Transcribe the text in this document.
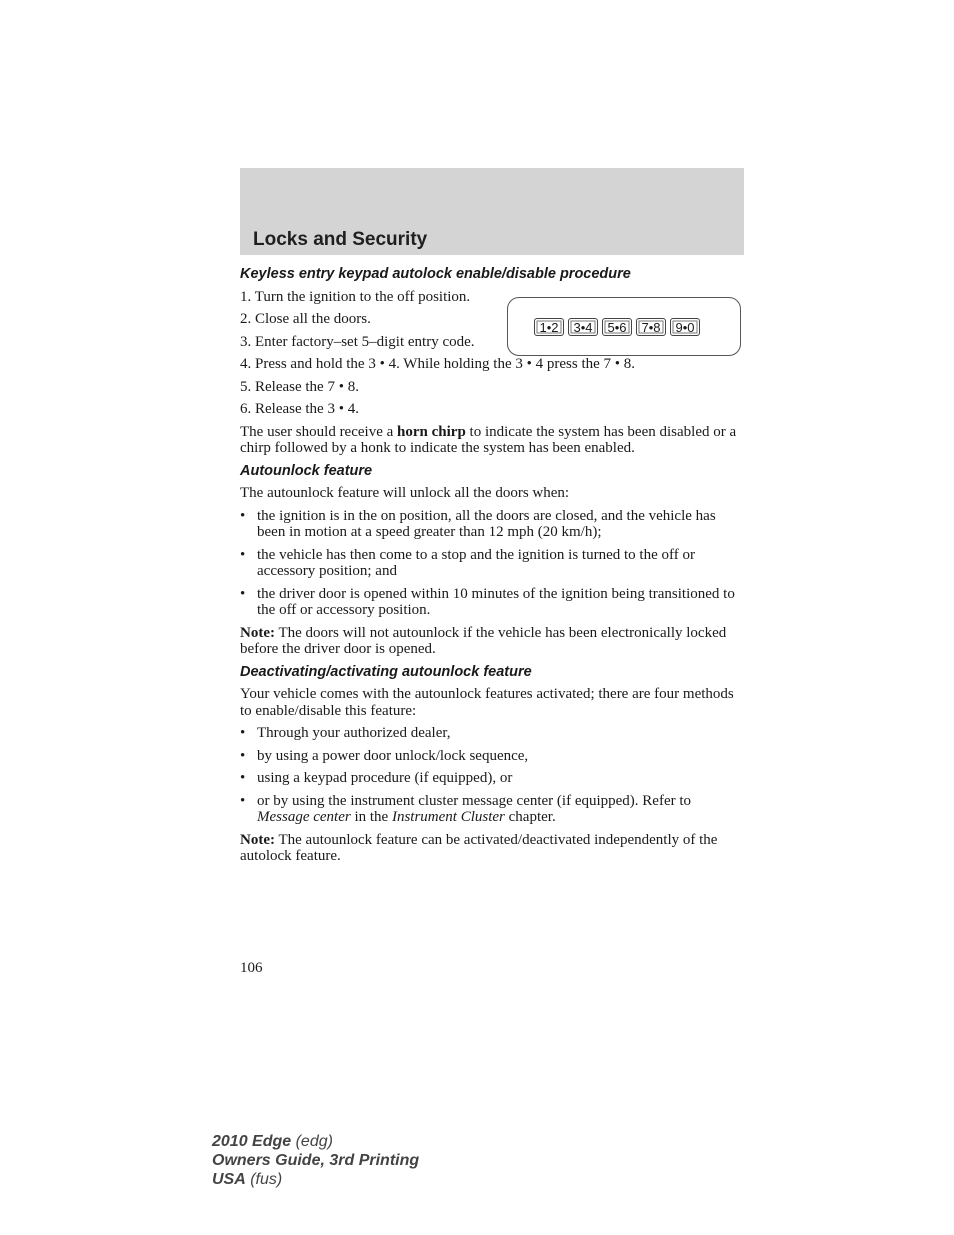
Locks and Security
1•2	3•4	5•6	7•8	9•0
Keyless entry keypad autolock enable/disable procedure

1. Turn the ignition to the off position.

2. Close all the doors.

3. Enter factory–set 5–digit entry code.

4. Press and hold the 3 • 4. While holding the 3 • 4 press the 7 • 8.

5. Release the 7 • 8.

6. Release the 3 • 4.

The user should receive a horn chirp to indicate the system has been disabled or a chirp followed by a honk to indicate the system has been enabled.

Autounlock feature

The autounlock feature will unlock all the doors when:

• the ignition is in the on position, all the doors are closed, and the vehicle has been in motion at a speed greater than 12 mph (20 km/h);
• the vehicle has then come to a stop and the ignition is turned to the off or accessory position; and
• the driver door is opened within 10 minutes of the ignition being transitioned to the off or accessory position.

Note: The doors will not autounlock if the vehicle has been electronically locked before the driver door is opened.

Deactivating/activating autounlock feature

Your vehicle comes with the autounlock features activated; there are four methods to enable/disable this feature:

• Through your authorized dealer,
• by using a power door unlock/lock sequence,
• using a keypad procedure (if equipped), or
• or by using the instrument cluster message center (if equipped). Refer to Message center in the Instrument Cluster chapter.

Note: The autounlock feature can be activated/deactivated independently of the autolock feature.

106
2010 Edge (edg)
Owners Guide, 3rd Printing
USA (fus)
